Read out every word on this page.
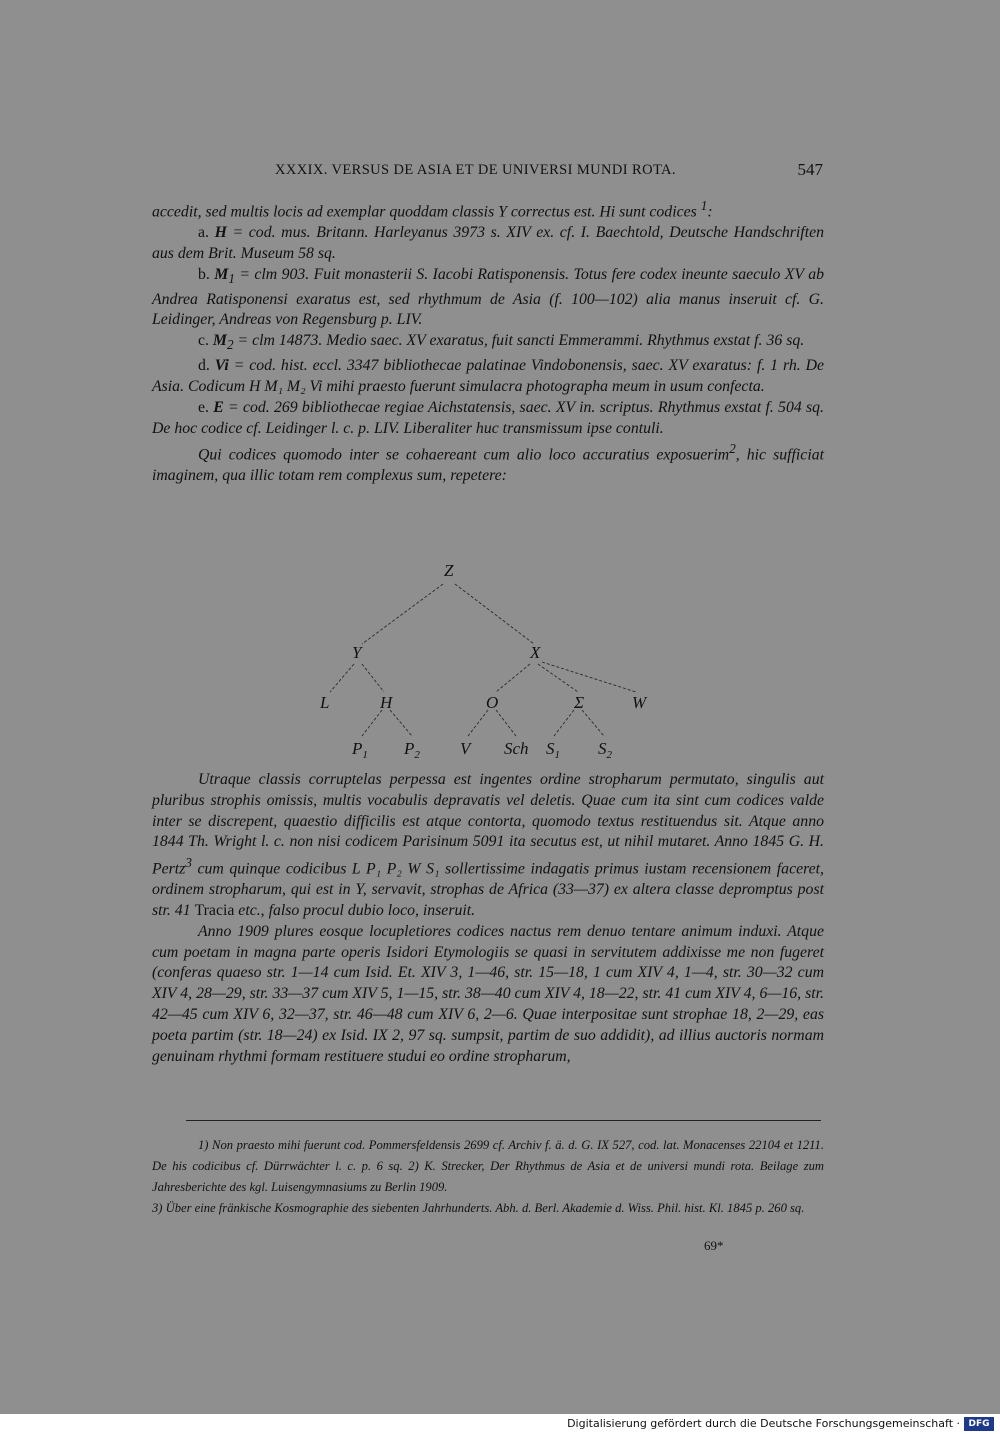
XXXIX. VERSUS DE ASIA ET DE UNIVERSI MUNDI ROTA.	547

accedit, sed multis locis ad exemplar quoddam classis Y correctus est. Hi sunt codices $^1$:

a. H = cod. mus. Britann. Harleyanus 3973 s. XIV ex. cf. I. Baechtold, Deutsche Handschriften aus dem Brit. Museum 58 sq.

b. $M_1$ = clm 903. Fuit monasterii S. Iacobi Ratisponensis. Totus fere codex ineunte saeculo XV ab Andrea Ratisponensi exaratus est, sed rhythmum de Asia (f. 100—102) alia manus inseruit cf. G. Leidinger, Andreas von Regensburg p. LIV.

c. $M_2$ = clm 14873. Medio saec. XV exaratus, fuit sancti Emmerammi. Rhythmus exstat f. 36 sq.

d. Vi = cod. hist. eccl. 3347 bibliothecae palatinae Vindobonensis, saec. XV exaratus: f. 1 rh. De Asia. Codicum H M₁ M₂ Vi mihi praesto fuerunt simulacra photographa meum in usum confecta.

e. E = cod. 269 bibliothecae regiae Aichstatensis, saec. XV in. scriptus. Rhythmus exstat f. 504 sq. De hoc codice cf. Leidinger l. c. p. LIV. Liberaliter huc transmissum ipse contuli.

Qui codices quomodo inter se cohaereant cum alio loco accuratius exposuerim$^2$, hic sufficiat imaginem, qua illic totam rem complexus sum, repetere:

Z
Y	X
L	H	O	Σ	W
$P_1$ $P_2$ V Sch $S_1$ $S_2$

Utraque classis corruptelas perpessa est ingentes ordine stropharum permutato, singulis aut pluribus strophis omissis, multis vocabulis depravatis vel deletis. Quae cum ita sint cum codices valde inter se discrepent, quaestio difficilis est atque contorta, quomodo textus restituendus sit. Atque anno 1844 Th. Wright l. c. non nisi codicem Parisinum 5091 ita secutus est, ut nihil mutaret. Anno 1845 G. H. Pertz$^3$ cum quinque codicibus L P₁ P₂ W S₁ sollertissime indagatis primus iustam recensionem faceret, ordinem stropharum, qui est in Y, servavit, strophas de Africa (33—37) ex altera classe depromptus post str. 41 Tracia etc., falso procul dubio loco, inseruit.

Anno 1909 plures eosque locupletiores codices nactus rem denuo tentare animum induxi. Atque cum poetam in magna parte operis Isidori Etymologiis se quasi in servitutem addixisse me non fugeret (conferas quaeso str. 1—14 cum Isid. Et. XIV 3, 1—46, str. 15—18, 1 cum XIV 4, 1—4, str. 30—32 cum XIV 4, 28—29, str. 33—37 cum XIV 5, 1—15, str. 38—40 cum XIV 4, 18—22, str. 41 cum XIV 4, 6—16, str. 42—45 cum XIV 6, 32—37, str. 46—48 cum XIV 6, 2—6. Quae interpositae sunt strophae 18, 2—29, eas poeta partim (str. 18—24) ex Isid. IX 2, 97 sq. sumpsit, partim de suo addidit), ad illius auctoris normam genuinam rhythmi formam restituere studui eo ordine stropharum,

1) Non praesto mihi fuerunt cod. Pommersfeldensis 2699 cf. Archiv f. ä. d. G. IX 527, cod. lat. Monacenses 22104 et 1211. De his codicibus cf. Dürrwächter l. c. p. 6 sq. 2) K. Strecker, Der Rhythmus de Asia et de universi mundi rota. Beilage zum Jahresberichte des kgl. Luisengymnasiums zu Berlin 1909.

3) Über eine fränkische Kosmographie des siebenten Jahrhunderts. Abh. d. Berl. Akademie d. Wiss. Phil. hist. Kl. 1845 p. 260 sq.

69*
Digitalisierung gefördert durch die Deutsche Forschungsgemeinschaft · DFG
